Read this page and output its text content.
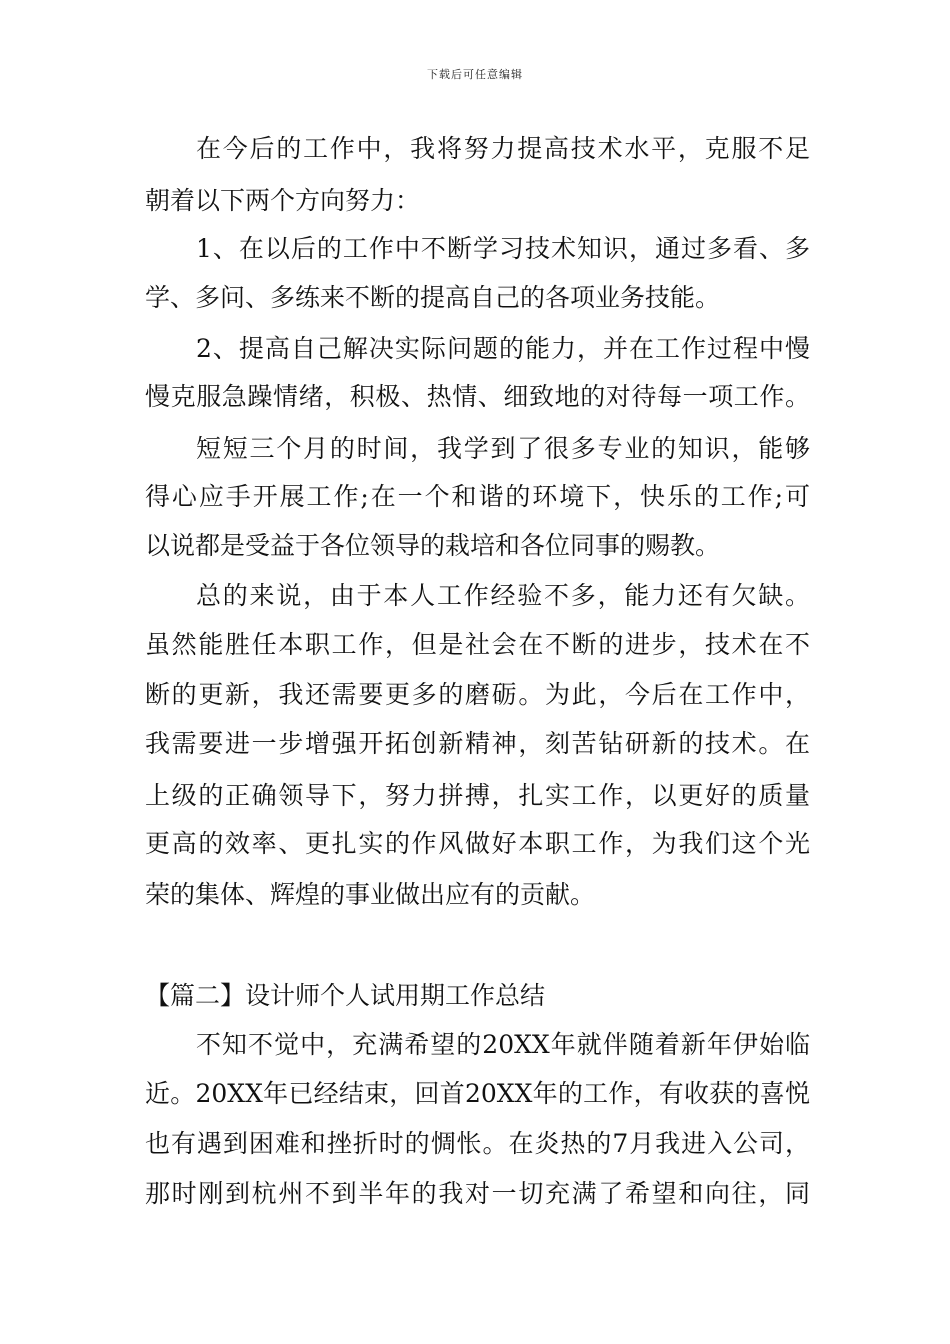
下载后可任意编辑
在今后的工作中，我将努力提高技术水平，克服不足
朝着以下两个方向努力：
1、在以后的工作中不断学习技术知识，通过多看、多
学、多问、多练来不断的提高自己的各项业务技能。
2、提高自己解决实际问题的能力，并在工作过程中慢
慢克服急躁情绪，积极、热情、细致地的对待每一项工作。
短短三个月的时间，我学到了很多专业的知识，能够
得心应手开展工作;在一个和谐的环境下，快乐的工作;可
以说都是受益于各位领导的栽培和各位同事的赐教。
总的来说，由于本人工作经验不多，能力还有欠缺。
虽然能胜任本职工作，但是社会在不断的进步，技术在不
断的更新，我还需要更多的磨砺。为此，今后在工作中，
我需要进一步增强开拓创新精神，刻苦钻研新的技术。在
上级的正确领导下，努力拼搏，扎实工作，以更好的质量
更高的效率、更扎实的作风做好本职工作，为我们这个光
荣的集体、辉煌的事业做出应有的贡献。
【篇二】设计师个人试用期工作总结
不知不觉中，充满希望的20XX年就伴随着新年伊始临
近。20XX年已经结束，回首20XX年的工作，有收获的喜悦
也有遇到困难和挫折时的惆怅。在炎热的7月我进入公司，
那时刚到杭州不到半年的我对一切充满了希望和向往，同
